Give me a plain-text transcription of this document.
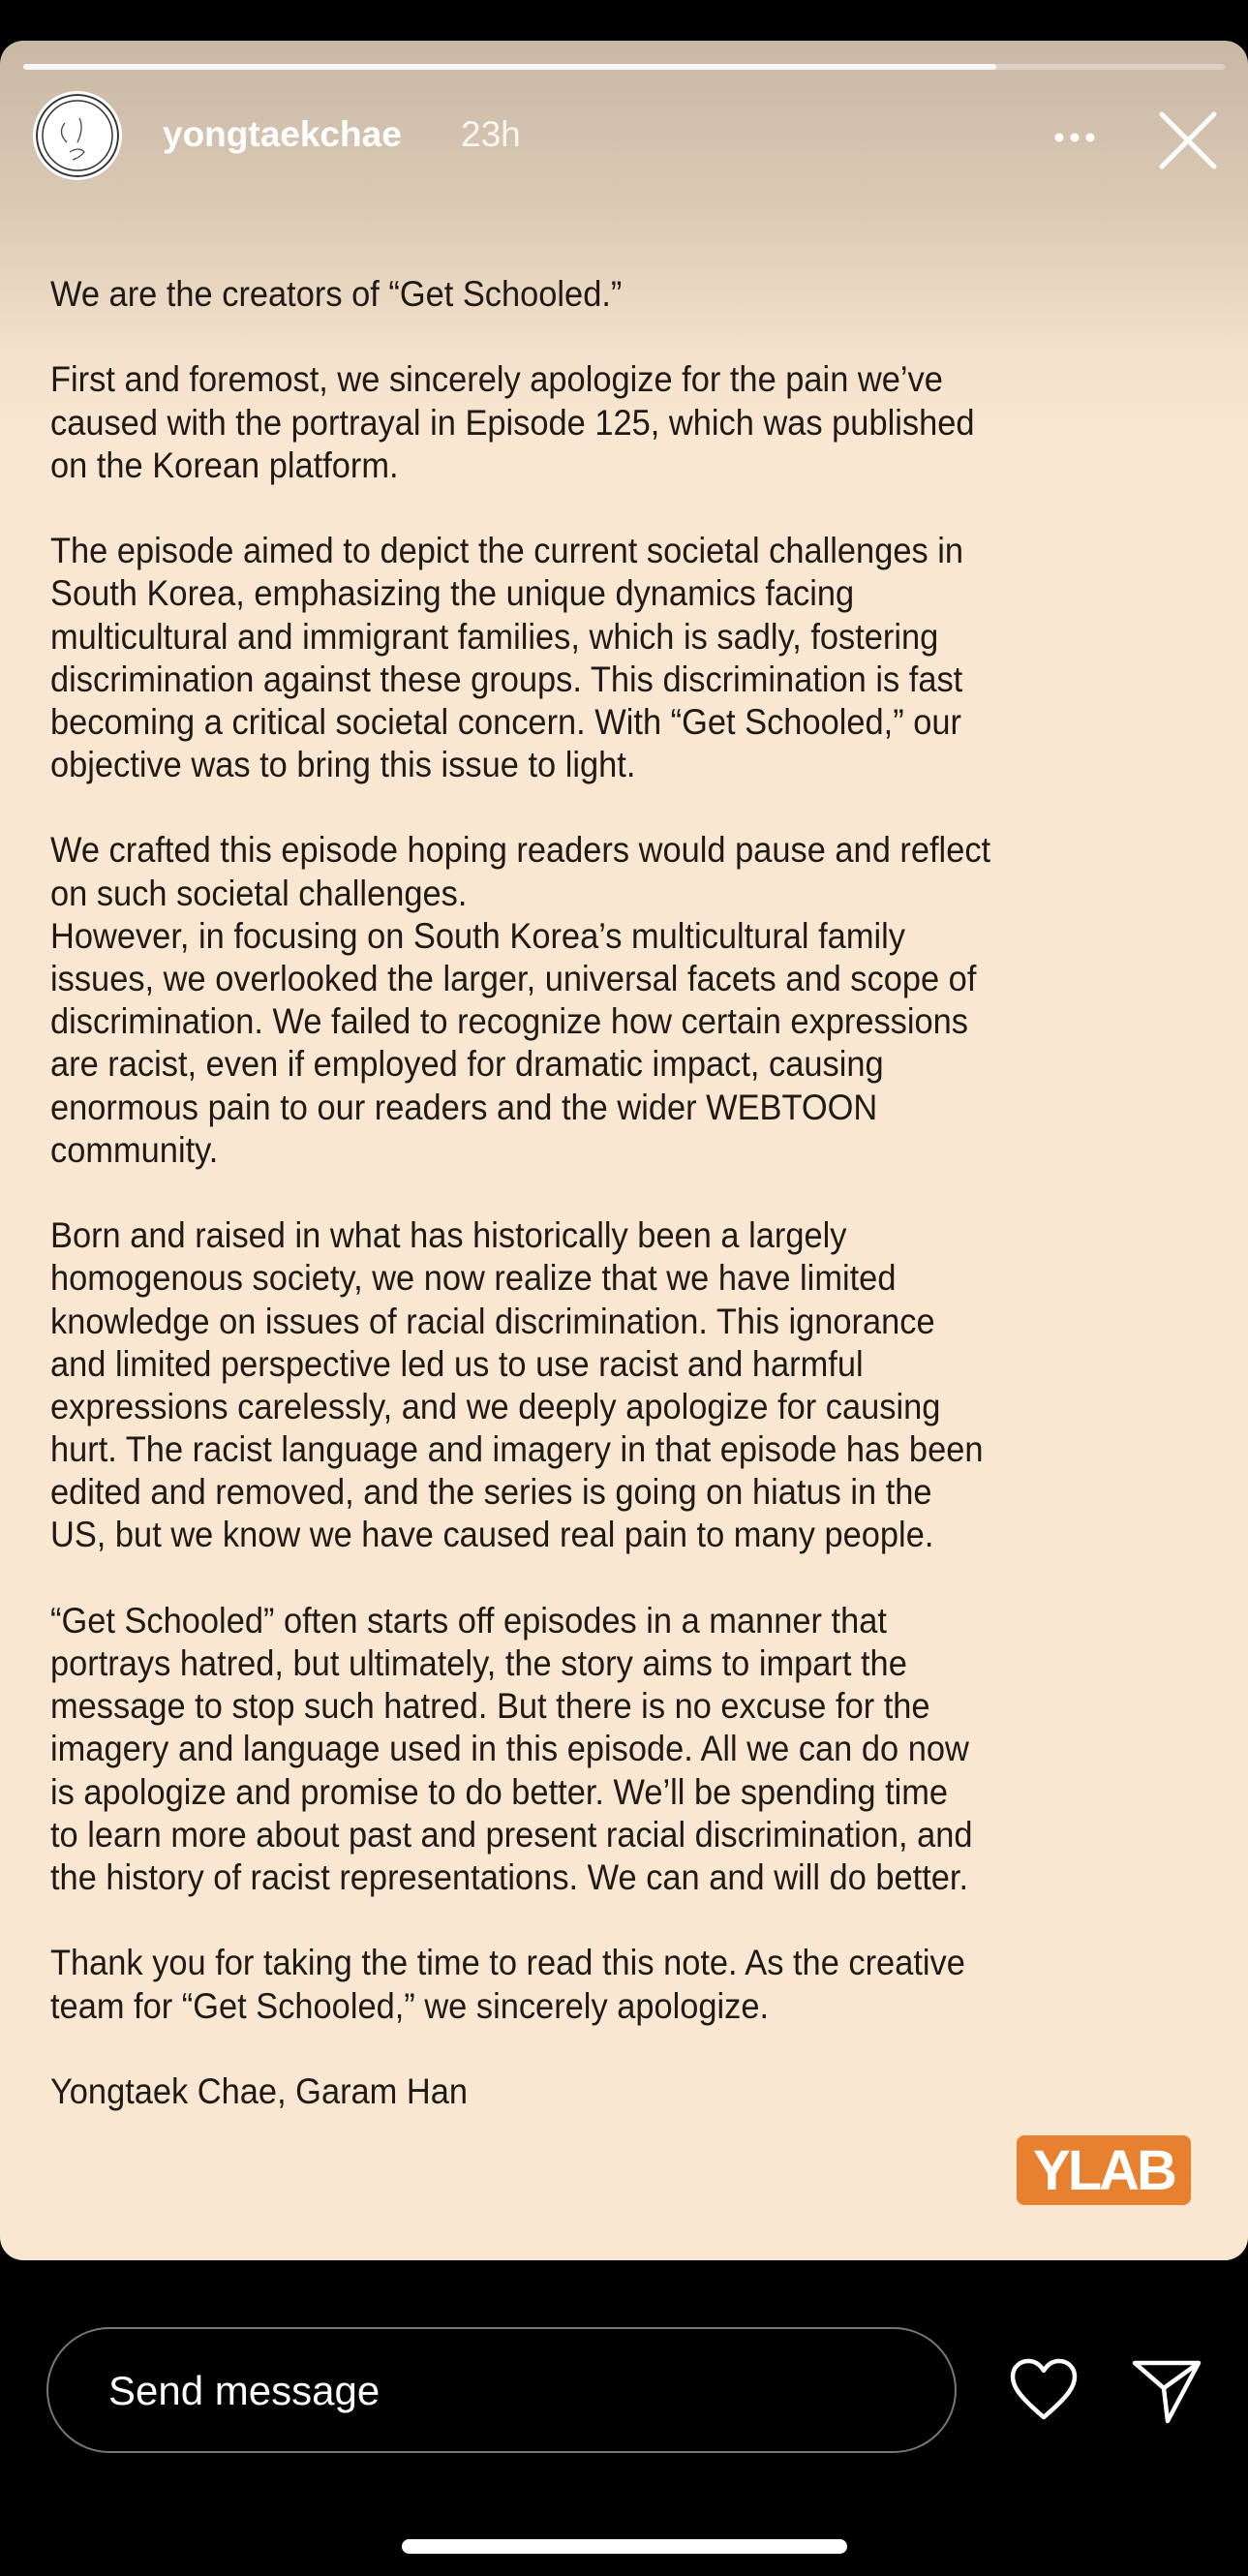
yongtaekchae 23h
We are the creators of “Get Schooled.”
First and foremost, we sincerely apologize for the pain we’ve
caused with the portrayal in Episode 125, which was published
on the Korean platform.
The episode aimed to depict the current societal challenges in
South Korea, emphasizing the unique dynamics facing
multicultural and immigrant families, which is sadly, fostering
discrimination against these groups. This discrimination is fast
becoming a critical societal concern. With “Get Schooled,” our
objective was to bring this issue to light.
We crafted this episode hoping readers would pause and reflect
on such societal challenges.
However, in focusing on South Korea’s multicultural family
issues, we overlooked the larger, universal facets and scope of
discrimination. We failed to recognize how certain expressions
are racist, even if employed for dramatic impact, causing
enormous pain to our readers and the wider WEBTOON
community.
Born and raised in what has historically been a largely
homogenous society, we now realize that we have limited
knowledge on issues of racial discrimination. This ignorance
and limited perspective led us to use racist and harmful
expressions carelessly, and we deeply apologize for causing
hurt. The racist language and imagery in that episode has been
edited and removed, and the series is going on hiatus in the
US, but we know we have caused real pain to many people.
“Get Schooled” often starts off episodes in a manner that
portrays hatred, but ultimately, the story aims to impart the
message to stop such hatred. But there is no excuse for the
imagery and language used in this episode. All we can do now
is apologize and promise to do better. We’ll be spending time
to learn more about past and present racial discrimination, and
the history of racist representations. We can and will do better.
Thank you for taking the time to read this note. As the creative
team for “Get Schooled,” we sincerely apologize.
Yongtaek Chae, Garam Han
YLAB
Send message
